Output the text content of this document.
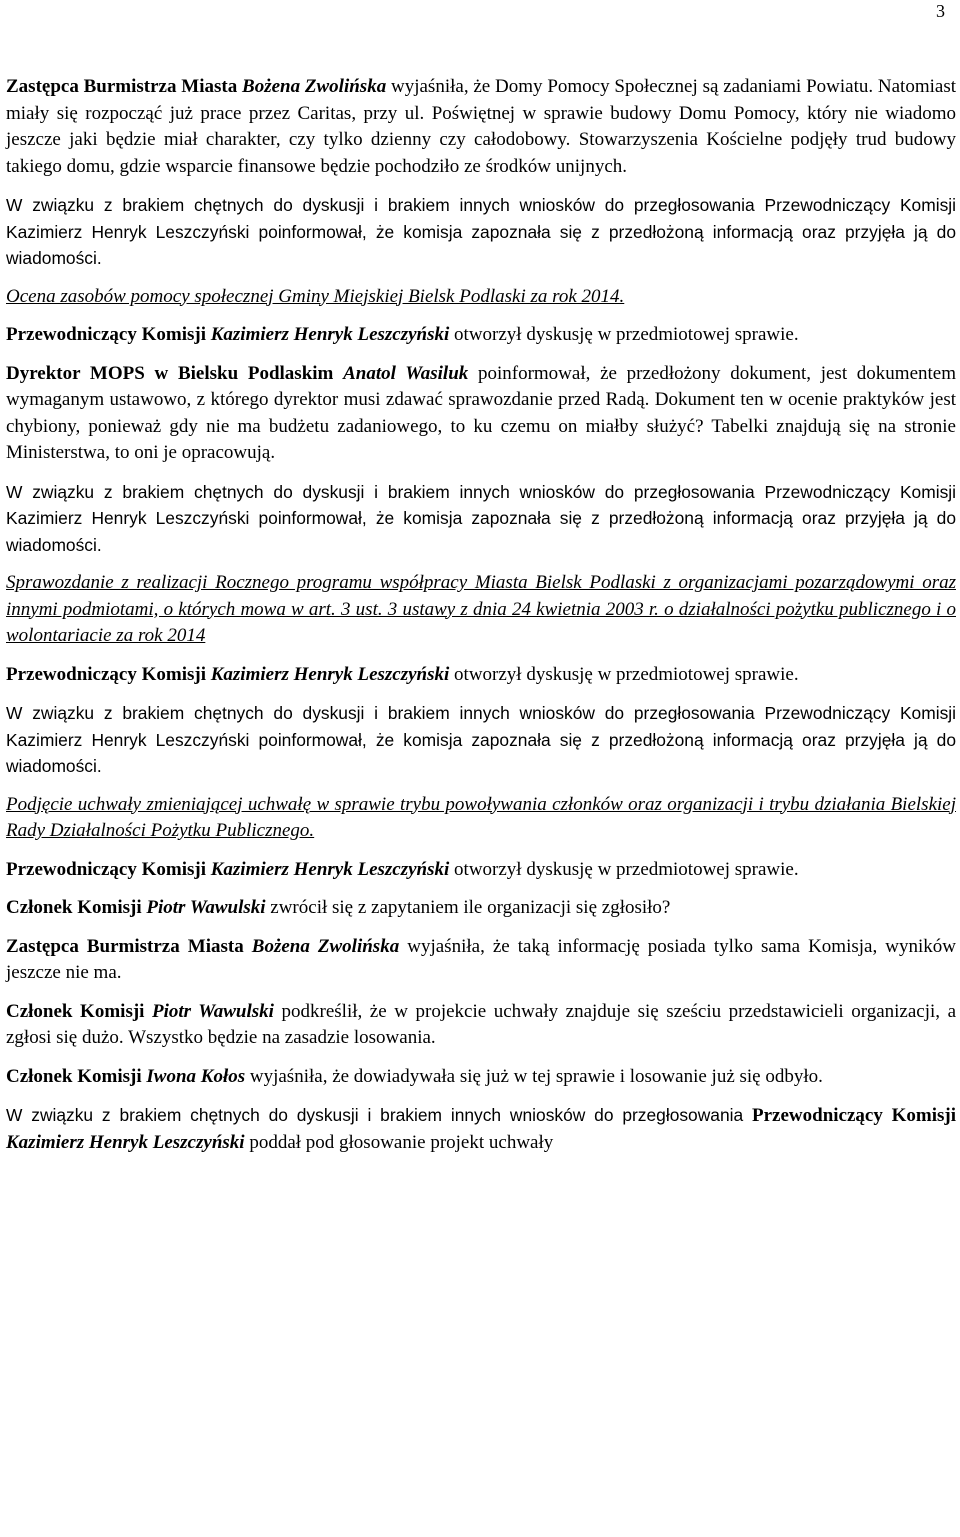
3

Zastępca Burmistrza Miasta Bożena Zwolińska wyjaśniła, że Domy Pomocy Społecznej są zadaniami Powiatu. Natomiast miały się rozpocząć już prace przez Caritas, przy ul. Poświętnej w sprawie budowy Domu Pomocy, który nie wiadomo jeszcze jaki będzie miał charakter, czy tylko dzienny czy całodobowy. Stowarzyszenia Kościelne podjęły trud budowy takiego domu, gdzie wsparcie finansowe będzie pochodziło ze środków unijnych.

W związku z brakiem chętnych do dyskusji i brakiem innych wniosków do przegłosowania Przewodniczący Komisji Kazimierz Henryk Leszczyński poinformował, że komisja zapoznała się z przedłożoną informacją oraz przyjęła ją do wiadomości.

Ocena zasobów pomocy społecznej Gminy Miejskiej Bielsk Podlaski za rok 2014.

Przewodniczący Komisji Kazimierz Henryk Leszczyński otworzył dyskusję w przedmiotowej sprawie.

Dyrektor MOPS w Bielsku Podlaskim Anatol Wasiluk poinformował, że przedłożony dokument, jest dokumentem wymaganym ustawowo, z którego dyrektor musi zdawać sprawozdanie przed Radą. Dokument ten w ocenie praktyków jest chybiony, ponieważ gdy nie ma budżetu zadaniowego, to ku czemu on miałby służyć? Tabelki znajdują się na stronie Ministerstwa, to oni je opracowują.

W związku z brakiem chętnych do dyskusji i brakiem innych wniosków do przegłosowania Przewodniczący Komisji Kazimierz Henryk Leszczyński poinformował, że komisja zapoznała się z przedłożoną informacją oraz przyjęła ją do wiadomości.

Sprawozdanie z realizacji Rocznego programu współpracy Miasta Bielsk Podlaski z organizacjami pozarządowymi oraz innymi podmiotami, o których mowa w art. 3 ust. 3 ustawy z dnia 24 kwietnia 2003 r. o działalności pożytku publicznego i o wolontariacie za rok 2014

Przewodniczący Komisji Kazimierz Henryk Leszczyński otworzył dyskusję w przedmiotowej sprawie.

W związku z brakiem chętnych do dyskusji i brakiem innych wniosków do przegłosowania Przewodniczący Komisji Kazimierz Henryk Leszczyński poinformował, że komisja zapoznała się z przedłożoną informacją oraz przyjęła ją do wiadomości.

Podjęcie uchwały zmieniającej uchwałę w sprawie trybu powoływania członków oraz organizacji i trybu działania Bielskiej Rady Działalności Pożytku Publicznego.

Przewodniczący Komisji Kazimierz Henryk Leszczyński otworzył dyskusję w przedmiotowej sprawie.

Członek Komisji Piotr Wawulski zwrócił się z zapytaniem ile organizacji się zgłosiło?

Zastępca Burmistrza Miasta Bożena Zwolińska wyjaśniła, że taką informację posiada tylko sama Komisja, wyników jeszcze nie ma.

Członek Komisji Piotr Wawulski podkreślił, że w projekcie uchwały znajduje się sześciu przedstawicieli organizacji, a zgłosi się dużo. Wszystko będzie na zasadzie losowania.

Członek Komisji Iwona Kołos wyjaśniła, że dowiadywała się już w tej sprawie i losowanie już się odbyło.

W związku z brakiem chętnych do dyskusji i brakiem innych wniosków do przegłosowania Przewodniczący Komisji Kazimierz Henryk Leszczyński poddał pod głosowanie projekt uchwały
